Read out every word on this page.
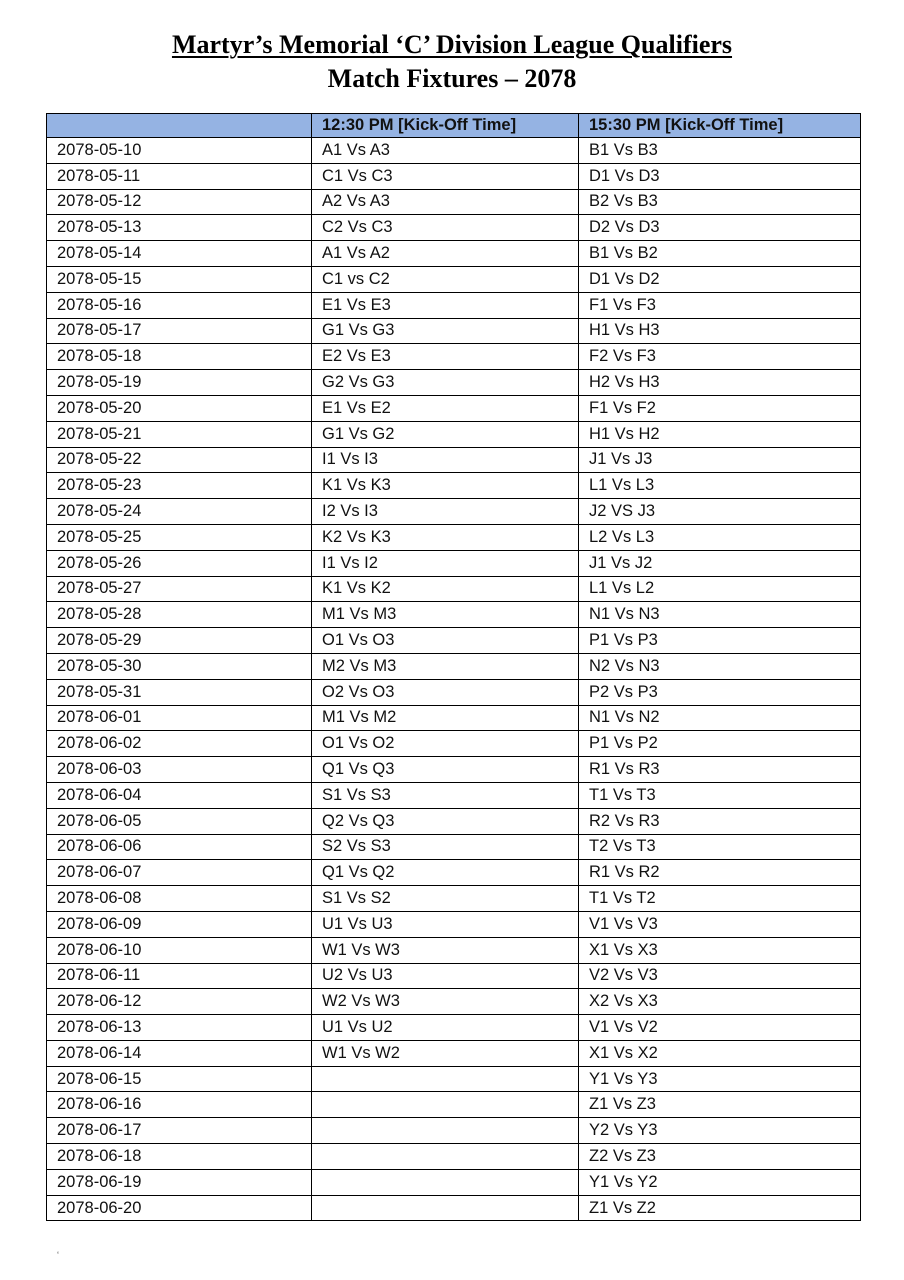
Martyr’s Memorial ‘C’ Division League Qualifiers
Match Fixtures – 2078
	12:30 PM [Kick-Off Time]	15:30 PM [Kick-Off Time]
2078-05-10	A1 Vs A3	B1 Vs B3
2078-05-11	C1 Vs C3	D1 Vs D3
2078-05-12	A2 Vs A3	B2 Vs B3
2078-05-13	C2 Vs C3	D2 Vs D3
2078-05-14	A1 Vs A2	B1 Vs B2
2078-05-15	C1 vs C2	D1 Vs D2
2078-05-16	E1 Vs E3	F1 Vs F3
2078-05-17	G1 Vs G3	H1 Vs H3
2078-05-18	E2 Vs E3	F2 Vs F3
2078-05-19	G2 Vs G3	H2 Vs H3
2078-05-20	E1 Vs E2	F1 Vs F2
2078-05-21	G1 Vs G2	H1 Vs H2
2078-05-22	I1 Vs I3	J1 Vs J3
2078-05-23	K1 Vs K3	L1 Vs L3
2078-05-24	I2 Vs I3	J2 VS J3
2078-05-25	K2 Vs K3	L2 Vs L3
2078-05-26	I1 Vs I2	J1 Vs J2
2078-05-27	K1 Vs K2	L1 Vs L2
2078-05-28	M1 Vs M3	N1 Vs N3
2078-05-29	O1 Vs O3	P1 Vs P3
2078-05-30	M2 Vs M3	N2 Vs N3
2078-05-31	O2 Vs O3	P2 Vs P3
2078-06-01	M1 Vs M2	N1 Vs N2
2078-06-02	O1 Vs O2	P1 Vs P2
2078-06-03	Q1 Vs Q3	R1 Vs R3
2078-06-04	S1 Vs S3	T1 Vs T3
2078-06-05	Q2 Vs Q3	R2 Vs R3
2078-06-06	S2 Vs S3	T2 Vs T3
2078-06-07	Q1 Vs Q2	R1 Vs R2
2078-06-08	S1 Vs S2	T1 Vs T2
2078-06-09	U1 Vs U3	V1 Vs V3
2078-06-10	W1 Vs W3	X1 Vs X3
2078-06-11	U2 Vs U3	V2 Vs V3
2078-06-12	W2 Vs W3	X2 Vs X3
2078-06-13	U1 Vs U2	V1 Vs V2
2078-06-14	W1 Vs W2	X1 Vs X2
2078-06-15		Y1 Vs Y3
2078-06-16		Z1 Vs Z3
2078-06-17		Y2 Vs Y3
2078-06-18		Z2 Vs Z3
2078-06-19		Y1 Vs Y2
2078-06-20		Z1 Vs Z2
‘
